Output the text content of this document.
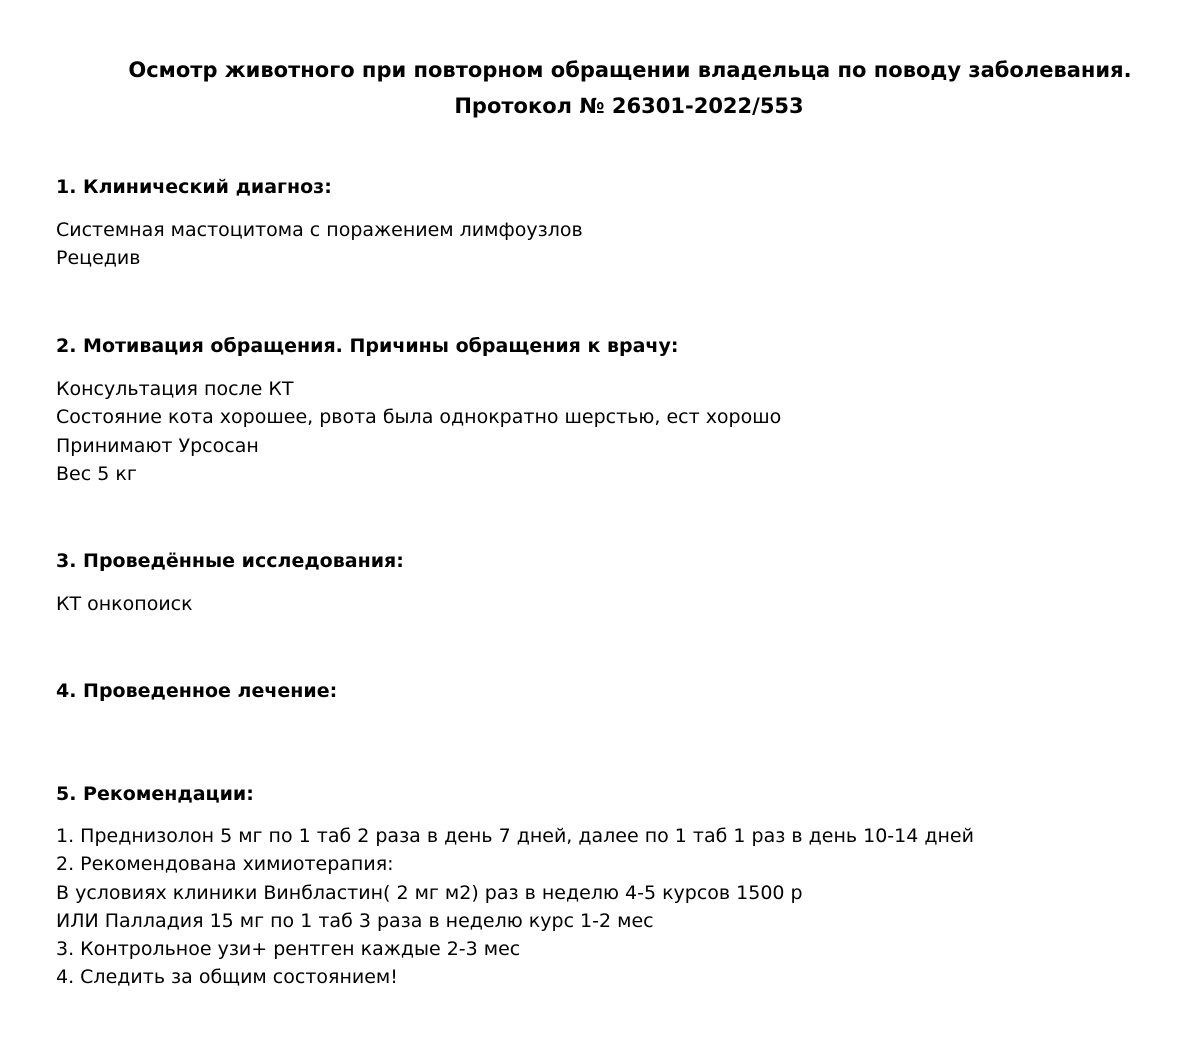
Осмотр животного при повторном обращении владельца по поводу заболевания.
Протокол № 26301-2022/553
1. Клинический диагноз:
Системная мастоцитома с поражением лимфоузлов
Рецедив
2. Мотивация обращения. Причины обращения к врачу:
Консультация после КТ
Состояние кота хорошее, рвота была однократно шерстью, ест хорошо
Принимают Урсосан
Вес 5 кг
3. Проведённые исследования:
КТ онкопоиск
4. Проведенное лечение:
5. Рекомендации:
1. Преднизолон 5 мг по 1 таб 2 раза в день 7 дней, далее по 1 таб 1 раз в день 10-14 дней
2. Рекомендована химиотерапия:
В условиях клиники Винбластин( 2 мг м2) раз в неделю 4-5 курсов 1500 р
ИЛИ Палладия 15 мг по 1 таб 3 раза в неделю курс 1-2 мес
3. Контрольное узи+ рентген каждые 2-3 мес
4. Следить за общим состоянием!
